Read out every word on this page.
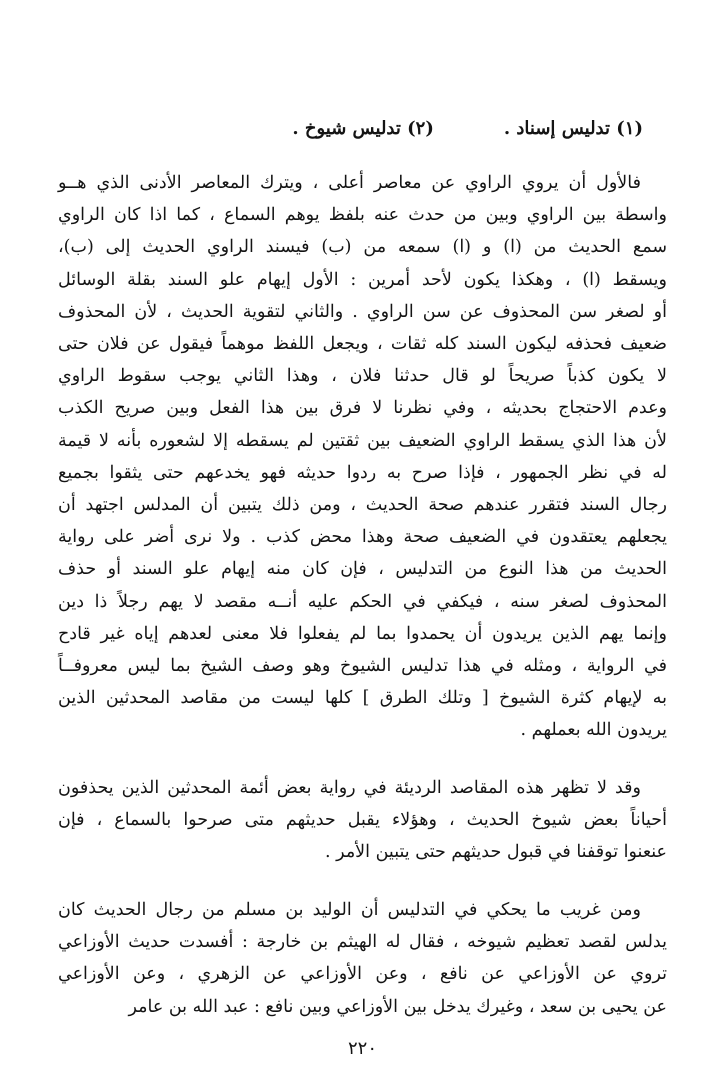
(١) تدليس إسناد .
(٢) تدليس شيوخ .
فالأول أن يروي الراوي عن معاصر أعلى ، ويترك المعاصر الأدنى الذي هــو
واسطة بين الراوي وبين من حدث عنه بلفظ يوهم السماع ، كما اذا كان الراوي
سمع الحديث من (ا) و (ا) سمعه من (ب) فيسند الراوي الحديث إلى (ب)،
ويسقط (ا) ، وهكذا يكون لأحد أمرين : الأول إيهام علو السند بقلة الوسائل
أو لصغر سن المحذوف عن سن الراوي . والثاني لتقوية الحديث ، لأن المحذوف
ضعيف فحذفه ليكون السند كله ثقات ، ويجعل اللفظ موهماً فيقول عن فلان حتى
لا يكون كذباً صريحاً لو قال حدثنا فلان ، وهذا الثاني يوجب سقوط الراوي
وعدم الاحتجاج بحديثه ، وفي نظرنا لا فرق بين هذا الفعل وبين صريح الكذب
لأن هذا الذي يسقط الراوي الضعيف بين ثقتين لم يسقطه إلا لشعوره بأنه لا قيمة
له في نظر الجمهور ، فإذا صرح به ردوا حديثه فهو يخدعهم حتى يثقوا بجميع
رجال السند فتقرر عندهم صحة الحديث ، ومن ذلك يتبين أن المدلس اجتهد أن
يجعلهم يعتقدون في الضعيف صحة وهذا محض كذب . ولا نرى أضر على رواية
الحديث من هذا النوع من التدليس ، فإن كان منه إيهام علو السند أو حذف
المحذوف لصغر سنه ، فيكفي في الحكم عليه أنــه مقصد لا يهم رجلاً ذا دين
وإنما يهم الذين يريدون أن يحمدوا بما لم يفعلوا فلا معنى لعدهم إياه غير قادح
في الرواية ، ومثله في هذا تدليس الشيوخ وهو وصف الشيخ بما ليس معروفــاً
به لإيهام كثرة الشيوخ [ وتلك الطرق ] كلها ليست من مقاصد المحدثين الذين
يريدون الله بعملهم .
وقد لا تظهر هذه المقاصد الرديئة في رواية بعض أئمة المحدثين الذين يحذفون
أحياناً بعض شيوخ الحديث ، وهؤلاء يقبل حديثهم متى صرحوا بالسماع ، فإن
عنعنوا توقفنا في قبول حديثهم حتى يتبين الأمر .
ومن غريب ما يحكي في التدليس أن الوليد بن مسلم من رجال الحديث كان
يدلس لقصد تعظيم شيوخه ، فقال له الهيثم بن خارجة : أفسدت حديث الأوزاعي
تروي عن الأوزاعي عن نافع ، وعن الأوزاعي عن الزهري ، وعن الأوزاعي
عن يحيى بن سعد ، وغيرك يدخل بين الأوزاعي وبين نافع : عبد الله بن عامر
٢٢٠
